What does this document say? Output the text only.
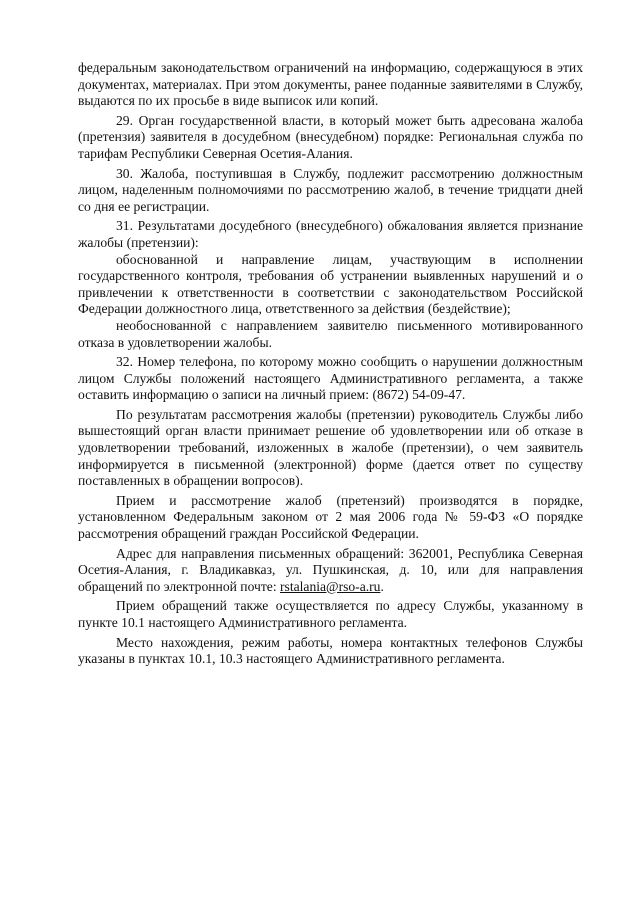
федеральным законодательством ограничений на информацию, содержащуюся в этих документах, материалах. При этом документы, ранее поданные заявителями в Службу, выдаются по их просьбе в виде выписок или копий.

29. Орган государственной власти, в который может быть адресована жалоба (претензия) заявителя в досудебном (внесудебном) порядке: Региональная служба по тарифам Республики Северная Осетия-Алания.

30. Жалоба, поступившая в Службу, подлежит рассмотрению должностным лицом, наделенным полномочиями по рассмотрению жалоб, в течение тридцати дней со дня ее регистрации.

31. Результатами досудебного (внесудебного) обжалования является признание жалобы (претензии):

обоснованной и направление лицам, участвующим в исполнении государственного контроля, требования об устранении выявленных нарушений и о привлечении к ответственности в соответствии с законодательством Российской Федерации должностного лица, ответственного за действия (бездействие);

необоснованной с направлением заявителю письменного мотивированного отказа в удовлетворении жалобы.

32. Номер телефона, по которому можно сообщить о нарушении должностным лицом Службы положений настоящего Административного регламента, а также оставить информацию о записи на личный прием: (8672) 54-09-47.

По результатам рассмотрения жалобы (претензии) руководитель Службы либо вышестоящий орган власти принимает решение об удовлетворении или об отказе в удовлетворении требований, изложенных в жалобе (претензии), о чем заявитель информируется в письменной (электронной) форме (дается ответ по существу поставленных в обращении вопросов).

Прием и рассмотрение жалоб (претензий) производятся в порядке, установленном Федеральным законом от 2 мая 2006 года № 59-ФЗ «О порядке рассмотрения обращений граждан Российской Федерации.

Адрес для направления письменных обращений: 362001, Республика Северная Осетия-Алания, г. Владикавказ, ул. Пушкинская, д. 10, или для направления обращений по электронной почте: rstalania@rso-a.ru.

Прием обращений также осуществляется по адресу Службы, указанному в пункте 10.1 настоящего Административного регламента.

Место нахождения, режим работы, номера контактных телефонов Службы указаны в пунктах 10.1, 10.3 настоящего Административного регламента.
